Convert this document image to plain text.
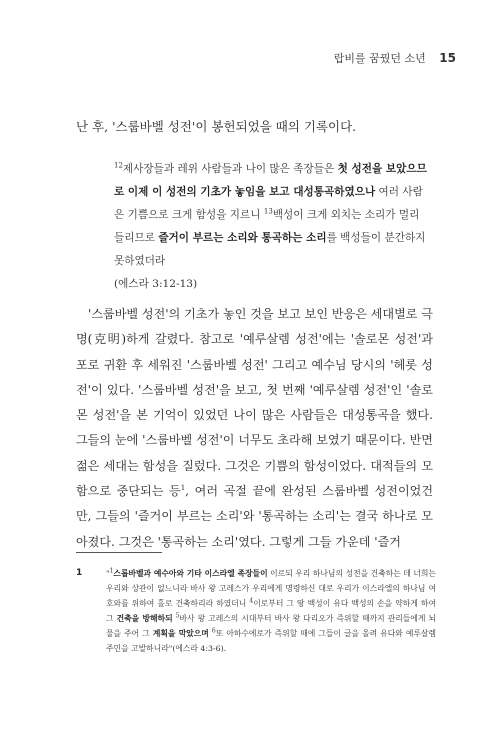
랍비를 꿈꿨던 소년 15

난 후, '스룹바벨 성전'이 봉헌되었을 때의 기록이다.

$^{12}$제사장들과 레위 사람들과 나이 많은 족장들은 첫 성전을 보았으므로 이제 이 성전의 기초가 놓임을 보고 대성통곡하였으나 여러 사람은 기쁨으로 크게 함성을 지르니 $^{13}$백성이 크게 외치는 소리가 멀리 들리므로 즐거이 부르는 소리와 통곡하는 소리를 백성들이 분간하지 못하였더라
(에스라 3:12-13)

'스룹바벨 성전'의 기초가 놓인 것을 보고 보인 반응은 세대별로 극명(克明)하게 갈렸다. 참고로 '예루살렘 성전'에는 '솔로몬 성전'과 포로 귀환 후 세워진 '스룹바벨 성전' 그리고 예수님 당시의 '헤롯 성전'이 있다. '스룹바벨 성전'을 보고, 첫 번째 '예루살렘 성전'인 '솔로몬 성전'을 본 기억이 있었던 나이 많은 사람들은 대성통곡을 했다. 그들의 눈에 '스룹바벨 성전'이 너무도 초라해 보였기 때문이다. 반면 젊은 세대는 함성을 질렀다. 그것은 기쁨의 함성이었다. 대적들의 모함으로 중단되는 등$^1$, 여러 곡절 끝에 완성된 스룹바벨 성전이었건만, 그들의 '즐거이 부르는 소리'와 '통곡하는 소리'는 결국 하나로 모아졌다. 그것은 '통곡하는 소리'였다. 그렇게 그들 가운데 '즐거

1	"$^1$스룹바벨과 예수아와 기타 이스라엘 족장들이 이르되 우리 하나님의 성전을 건축하는 데 너희는 우리와 상관이 없느니라 바사 왕 고레스가 우리에게 명령하신 대로 우리가 이스라엘의 하나님 여호와를 위하여 홀로 건축하리라 하였더니 $^4$이로부터 그 땅 백성이 유다 백성의 손을 약하게 하여 그 건축을 방해하되 $^5$바사 왕 고레스의 시대부터 바사 왕 다리오가 즉위할 때까지 관리들에게 뇌물을 주어 그 계획을 막았으며 $^6$또 아하수에로가 즉위할 때에 그들이 글을 올려 유다와 예루살렘 주민을 고발하니라"(에스라 4:3-6).
